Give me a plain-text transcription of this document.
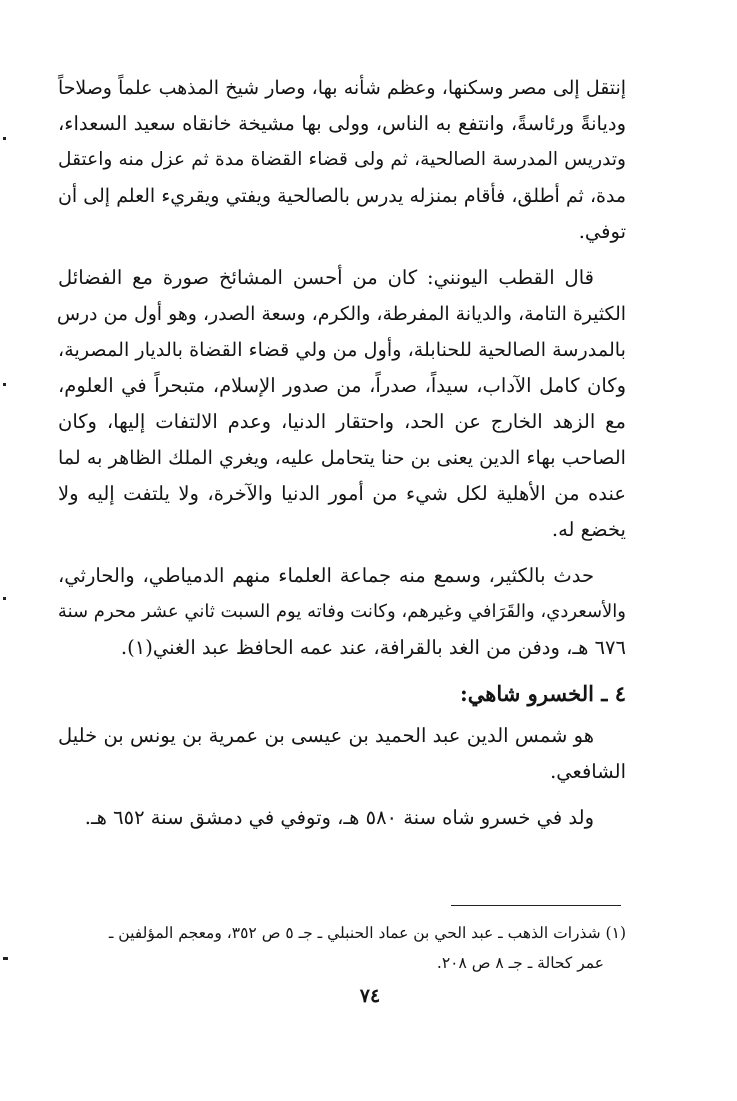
إنتقل إلى مصر وسكنها، وعظم شأنه بها، وصار شيخ المذهب علماً وصلاحاً
وديانةً ورئاسةً، وانتفع به الناس، وولى بها مشيخة خانقاه سعيد السعداء،
وتدريس المدرسة الصالحية، ثم ولى قضاء القضاة مدة ثم عزل منه واعتقل
مدة، ثم أطلق، فأقام بمنزله يدرس بالصالحية ويفتي ويقريء العلم إلى أن
توفي.
قال القطب اليونني: كان من أحسن المشائخ صورة مع الفضائل
الكثيرة التامة، والديانة المفرطة، والكرم، وسعة الصدر، وهو أول من درس
بالمدرسة الصالحية للحنابلة، وأول من ولي قضاء القضاة بالديار المصرية،
وكان كامل الآداب، سيداً، صدراً، من صدور الإسلام، متبحراً في العلوم،
مع الزهد الخارج عن الحد، واحتقار الدنيا، وعدم الالتفات إليها، وكان
الصاحب بهاء الدين يعنى بن حنا يتحامل عليه، ويغري الملك الظاهر به لما
عنده من الأهلية لكل شيء من أمور الدنيا والآخرة، ولا يلتفت إليه ولا
يخضع له.
حدث بالكثير، وسمع منه جماعة العلماء منهم الدمياطي، والحارثي،
والأسعردي، والقَرَافي وغيرهم، وكانت وفاته يوم السبت ثاني عشر محرم سنة
٦٧٦ هـ، ودفن من الغد بالقرافة، عند عمه الحافظ عبد الغني(١).
٤ ـ الخسرو شاهي:
هو شمس الدين عبد الحميد بن عيسى بن عمرية بن يونس بن خليل
الشافعي.
ولد في خسرو شاه سنة ٥٨٠ هـ، وتوفي في دمشق سنة ٦٥٢ هـ.
(١) شذرات الذهب ـ عبد الحي بن عماد الحنبلي ـ جـ ٥ ص ٣٥٢، ومعجم المؤلفين ـ
عمر كحالة ـ جـ ٨ ص ٢٠٨.
٧٤
